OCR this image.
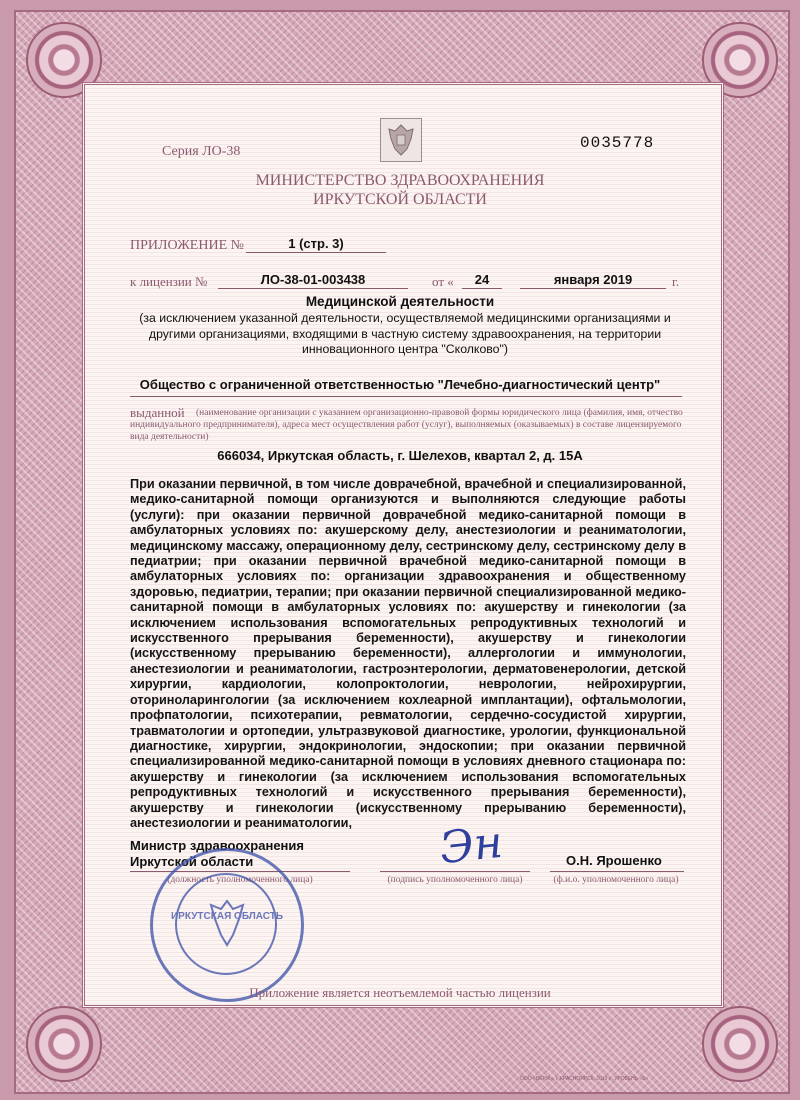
Серия ЛО-38	0035778
МИНИСТЕРСТВО ЗДРАВООХРАНЕНИЯ
ИРКУТСКОЙ ОБЛАСТИ
ПРИЛОЖЕНИЕ №	1 (стр. 3)
к лицензии №	ЛО-38-01-003438	от «	24	января 2019	г.
Медицинской деятельности
(за исключением указанной деятельности, осуществляемой медицинскими организациями и другими организациями, входящими в частную систему здравоохранения, на территории инновационного центра "Сколково")
Общество с ограниченной ответственностью "Лечебно-диагностический центр"
выданной	(наименование организации с указанием организационно-правовой формы юридического лица (фамилия, имя, отчество индивидуального предпринимателя), адреса мест осуществления работ (услуг), выполняемых (оказываемых) в составе лицензируемого вида деятельности)
666034, Иркутская область, г. Шелехов, квартал 2, д. 15А
При оказании первичной, в том числе доврачебной, врачебной и специализированной, медико-санитарной помощи организуются и выполняются следующие работы (услуги): при оказании первичной доврачебной медико-санитарной помощи в амбулаторных условиях по: акушерскому делу, анестезиологии и реаниматологии, медицинскому массажу, операционному делу, сестринскому делу, сестринскому делу в педиатрии; при оказании первичной врачебной медико-санитарной помощи в амбулаторных условиях по: организации здравоохранения и общественному здоровью, педиатрии, терапии; при оказании первичной специализированной медико-санитарной помощи в амбулаторных условиях по: акушерству и гинекологии (за исключением использования вспомогательных репродуктивных технологий и искусственного прерывания беременности), акушерству и гинекологии (искусственному прерыванию беременности), аллергологии и иммунологии, анестезиологии и реаниматологии, гастроэнтерологии, дерматовенерологии, детской хирургии, кардиологии, колопроктологии, неврологии, нейрохирургии, оториноларингологии (за исключением кохлеарной имплантации), офтальмологии, профпатологии, психотерапии, ревматологии, сердечно-сосудистой хирургии, травматологии и ортопедии, ультразвуковой диагностике, урологии, функциональной диагностике, хирургии, эндокринологии, эндоскопии; при оказании первичной специализированной медико-санитарной помощи в условиях дневного стационара по: акушерству и гинекологии (за исключением использования вспомогательных репродуктивных технологий и искусственного прерывания беременности), акушерству и гинекологии (искусственному прерыванию беременности), анестезиологии и реаниматологии,
Министр здравоохранения
Иркутской области
(должность уполномоченного лица)
Эн
(подпись уполномоченного лица)
О.Н. Ярошенко
(ф.и.о. уполномоченного лица)
ИРКУТСКАЯ ОБЛАСТЬ
Приложение является неотъемлемой частью лицензии
ООО «ВЕРЖ», г. КРАСНОЯРСК, 2019 г., УРОВЕНЬ «Б»
